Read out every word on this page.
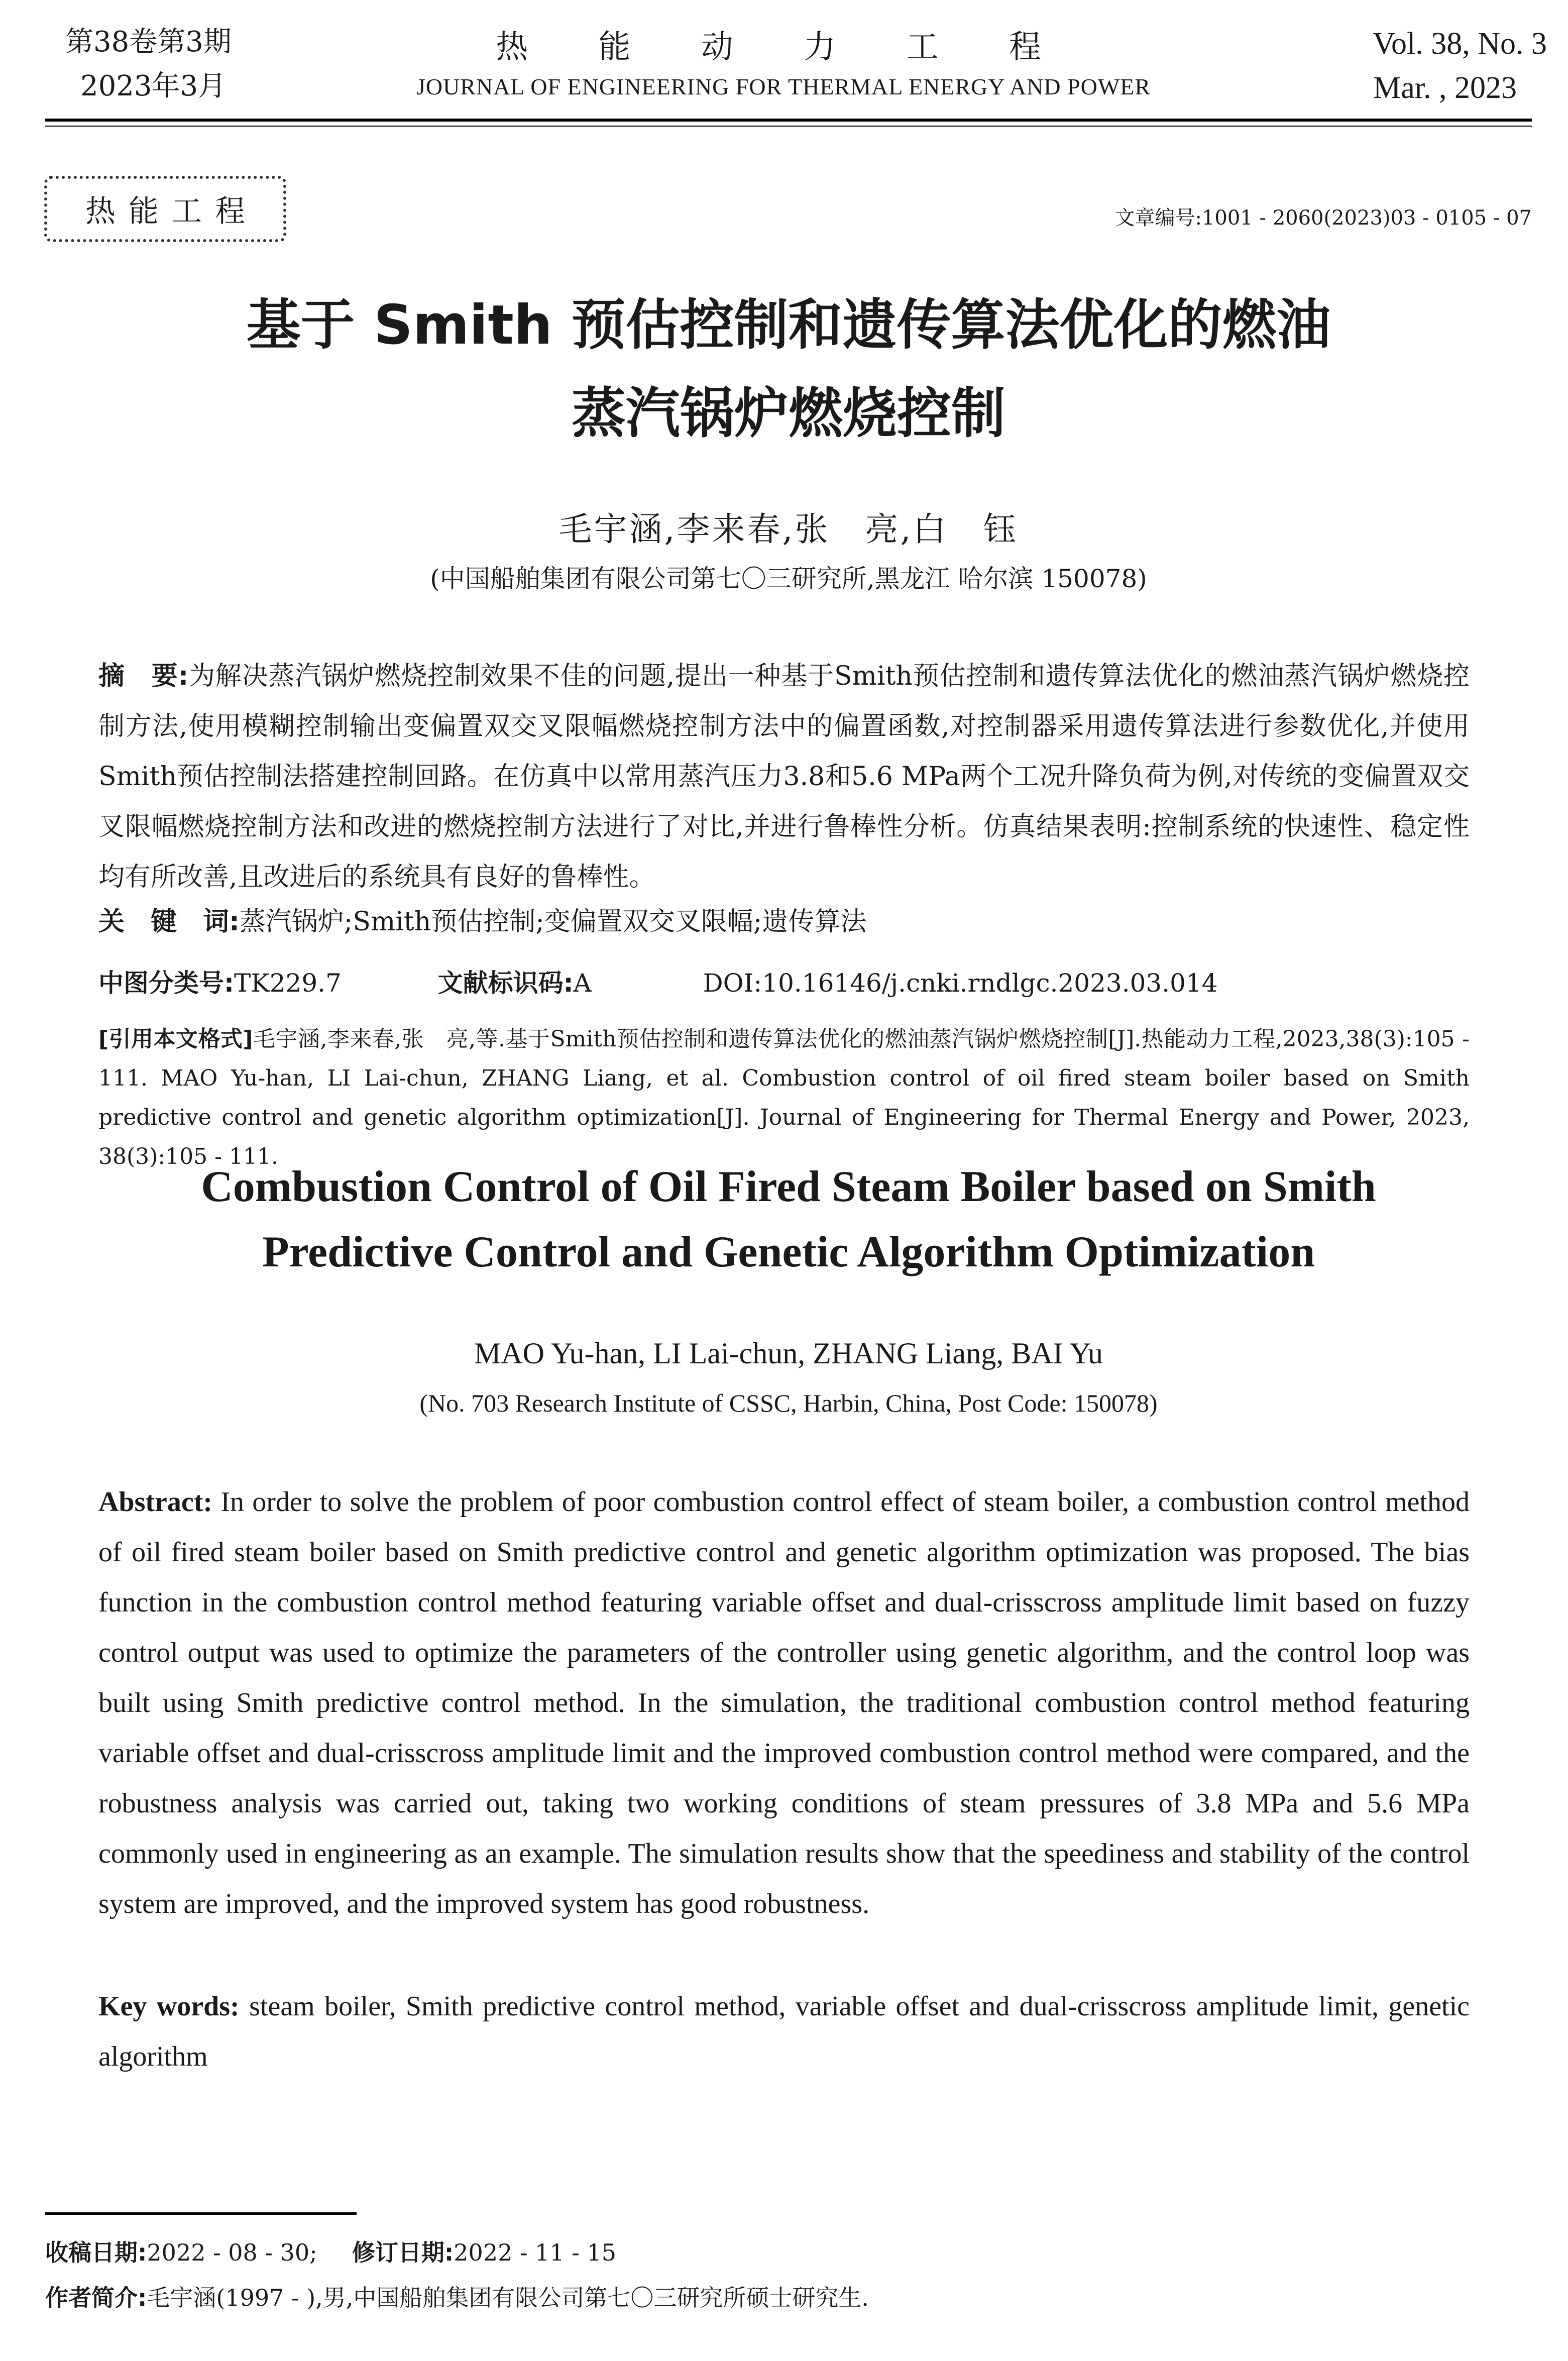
第38卷第3期
2023年3月
热 能 动 力 工 程
JOURNAL OF ENGINEERING FOR THERMAL ENERGY AND POWER
Vol. 38, No. 3
Mar. , 2023
热能工程	文章编号:1001 - 2060(2023)03 - 0105 - 07
基于 Smith 预估控制和遗传算法优化的燃油
蒸汽锅炉燃烧控制
毛宇涵,李来春,张　亮,白　钰
(中国船舶集团有限公司第七〇三研究所,黑龙江 哈尔滨 150078)
摘　要:为解决蒸汽锅炉燃烧控制效果不佳的问题,提出一种基于Smith预估控制和遗传算法优化的燃油蒸汽锅炉燃烧控制方法,使用模糊控制输出变偏置双交叉限幅燃烧控制方法中的偏置函数,对控制器采用遗传算法进行参数优化,并使用Smith预估控制法搭建控制回路。在仿真中以常用蒸汽压力3.8和5.6 MPa两个工况升降负荷为例,对传统的变偏置双交叉限幅燃烧控制方法和改进的燃烧控制方法进行了对比,并进行鲁棒性分析。仿真结果表明:控制系统的快速性、稳定性均有所改善,且改进后的系统具有良好的鲁棒性。
关　键　词:蒸汽锅炉;Smith预估控制;变偏置双交叉限幅;遗传算法
中图分类号:TK229.7	文献标识码:A	DOI:10.16146/j.cnki.rndlgc.2023.03.014
[引用本文格式]毛宇涵,李来春,张　亮,等.基于Smith预估控制和遗传算法优化的燃油蒸汽锅炉燃烧控制[J].热能动力工程,2023,38(3):105 - 111. MAO Yu-han, LI Lai-chun, ZHANG Liang, et al. Combustion control of oil fired steam boiler based on Smith predictive control and genetic algorithm optimization[J]. Journal of Engineering for Thermal Energy and Power, 2023, 38(3):105 - 111.
Combustion Control of Oil Fired Steam Boiler based on Smith
Predictive Control and Genetic Algorithm Optimization
MAO Yu-han, LI Lai-chun, ZHANG Liang, BAI Yu
(No. 703 Research Institute of CSSC, Harbin, China, Post Code: 150078)
Abstract: In order to solve the problem of poor combustion control effect of steam boiler, a combustion control method of oil fired steam boiler based on Smith predictive control and genetic algorithm optimization was proposed. The bias function in the combustion control method featuring variable offset and dual-crisscross amplitude limit based on fuzzy control output was used to optimize the parameters of the controller using genetic algorithm, and the control loop was built using Smith predictive control method. In the simulation, the traditional combustion control method featuring variable offset and dual-crisscross amplitude limit and the improved combustion control method were compared, and the robustness analysis was carried out, taking two working conditions of steam pressures of 3.8 MPa and 5.6 MPa commonly used in engineering as an example. The simulation results show that the speediness and stability of the control system are improved, and the improved system has good robustness.
Key words: steam boiler, Smith predictive control method, variable offset and dual-crisscross amplitude limit, genetic algorithm
收稿日期:2022 - 08 - 30; 修订日期:2022 - 11 - 15
作者简介:毛宇涵(1997 - ),男,中国船舶集团有限公司第七〇三研究所硕士研究生.
